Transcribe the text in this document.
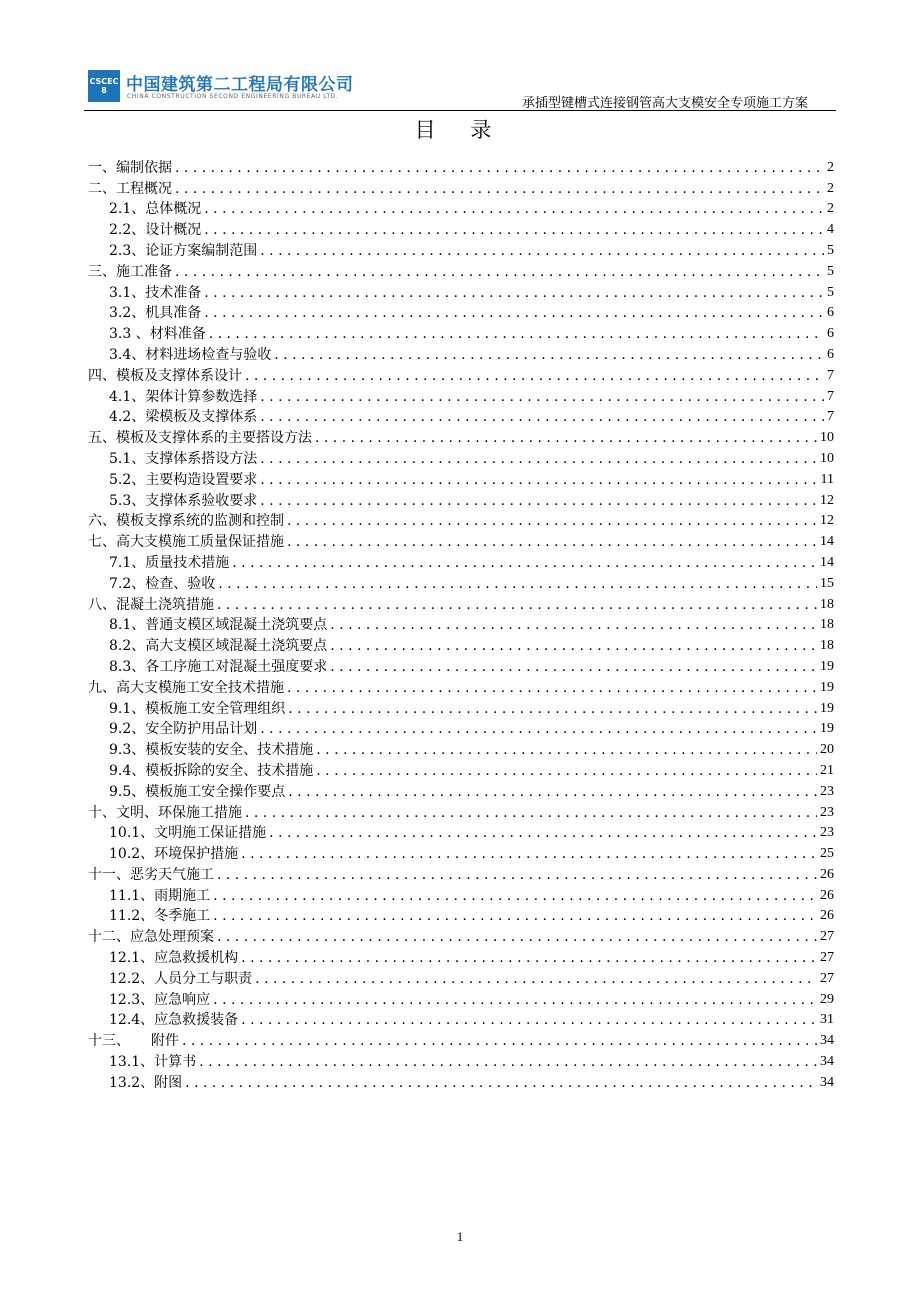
CSCEC
8 中国建筑第二工程局有限公司
CHINA CONSTRUCTION SECOND ENGINEERING BUREAU LTD.	承插型键槽式连接钢管高大支模安全专项施工方案
目 录
一、编制依据 . . .	2
二、工程概况 . . .	2
2.1、总体概况 . . .	2
2.2、设计概况 . . .	4
2.3、论证方案编制范围 . . .	5
三、施工准备 . . .	5
3.1、技术准备 . . .	5
3.2、机具准备 . . .	6
3.3 、材料准备 . . .	6
3.4、材料进场检查与验收 . . .	6
四、模板及支撑体系设计 . . .	7
4.1、架体计算参数选择 . . .	7
4.2、梁模板及支撑体系 . . .	7
五、模板及支撑体系的主要搭设方法 . . .	10
5.1、支撑体系搭设方法 . . .	10
5.2、主要构造设置要求 . . .	11
5.3、支撑体系验收要求 . . .	12
六、模板支撑系统的监测和控制 . . .	12
七、高大支模施工质量保证措施 . . .	14
7.1、质量技术措施 . . .	14
7.2、检查、验收 . . .	15
八、混凝土浇筑措施 . . .	18
8.1、普通支模区域混凝土浇筑要点 . . .	18
8.2、高大支模区域混凝土浇筑要点 . . .	18
8.3、各工序施工对混凝土强度要求 . . .	19
九、高大支模施工安全技术措施 . . .	19
9.1、模板施工安全管理组织 . . .	19
9.2、安全防护用品计划 . . .	19
9.3、模板安装的安全、技术措施 . . .	20
9.4、模板拆除的安全、技术措施 . . .	21
9.5、模板施工安全操作要点 . . .	23
十、文明、环保施工措施 . . .	23
10.1、文明施工保证措施 . . .	23
10.2、环境保护措施 . . .	25
十一、恶劣天气施工 . . .	26
11.1、雨期施工 . . .	26
11.2、冬季施工 . . .	26
十二、应急处理预案 . . .	27
12.1、应急救援机构 . . .	27
12.2、人员分工与职责 . . .	27
12.3、应急响应 . . .	29
12.4、应急救援装备 . . .	31
十三、　　附件 . . .	34
13.1、计算书 . . .	34
13.2、附图 . . .	34
1
